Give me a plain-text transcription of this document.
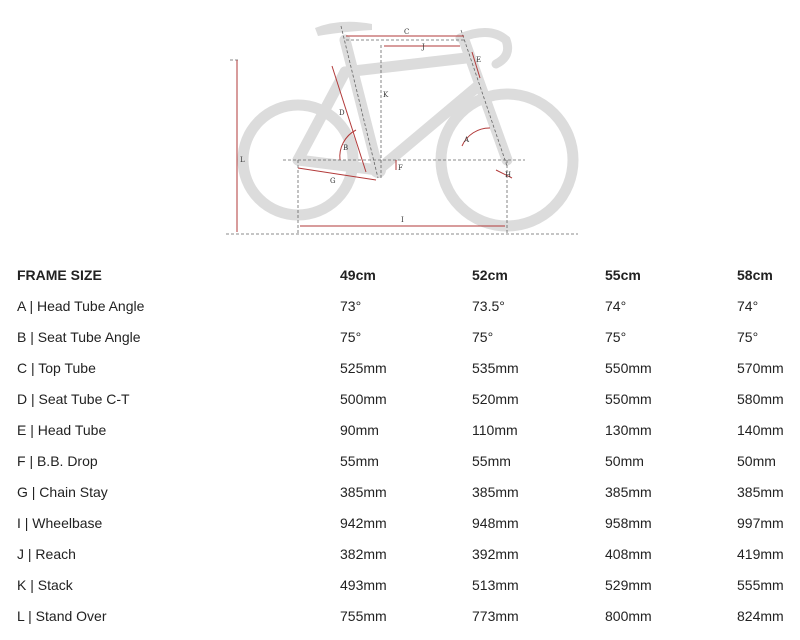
C
J
E
K
D
B
A
L
F
G
H
I
FRAME SIZE	49cm	52cm	55cm	58cm
A | Head Tube Angle	73°	73.5°	74°	74°
B | Seat Tube Angle	75°	75°	75°	75°
C | Top Tube	525mm	535mm	550mm	570mm
D | Seat Tube C-T	500mm	520mm	550mm	580mm
E | Head Tube	90mm	110mm	130mm	140mm
F | B.B. Drop	55mm	55mm	50mm	50mm
G | Chain Stay	385mm	385mm	385mm	385mm
I | Wheelbase	942mm	948mm	958mm	997mm
J | Reach	382mm	392mm	408mm	419mm
K | Stack	493mm	513mm	529mm	555mm
L | Stand Over	755mm	773mm	800mm	824mm
